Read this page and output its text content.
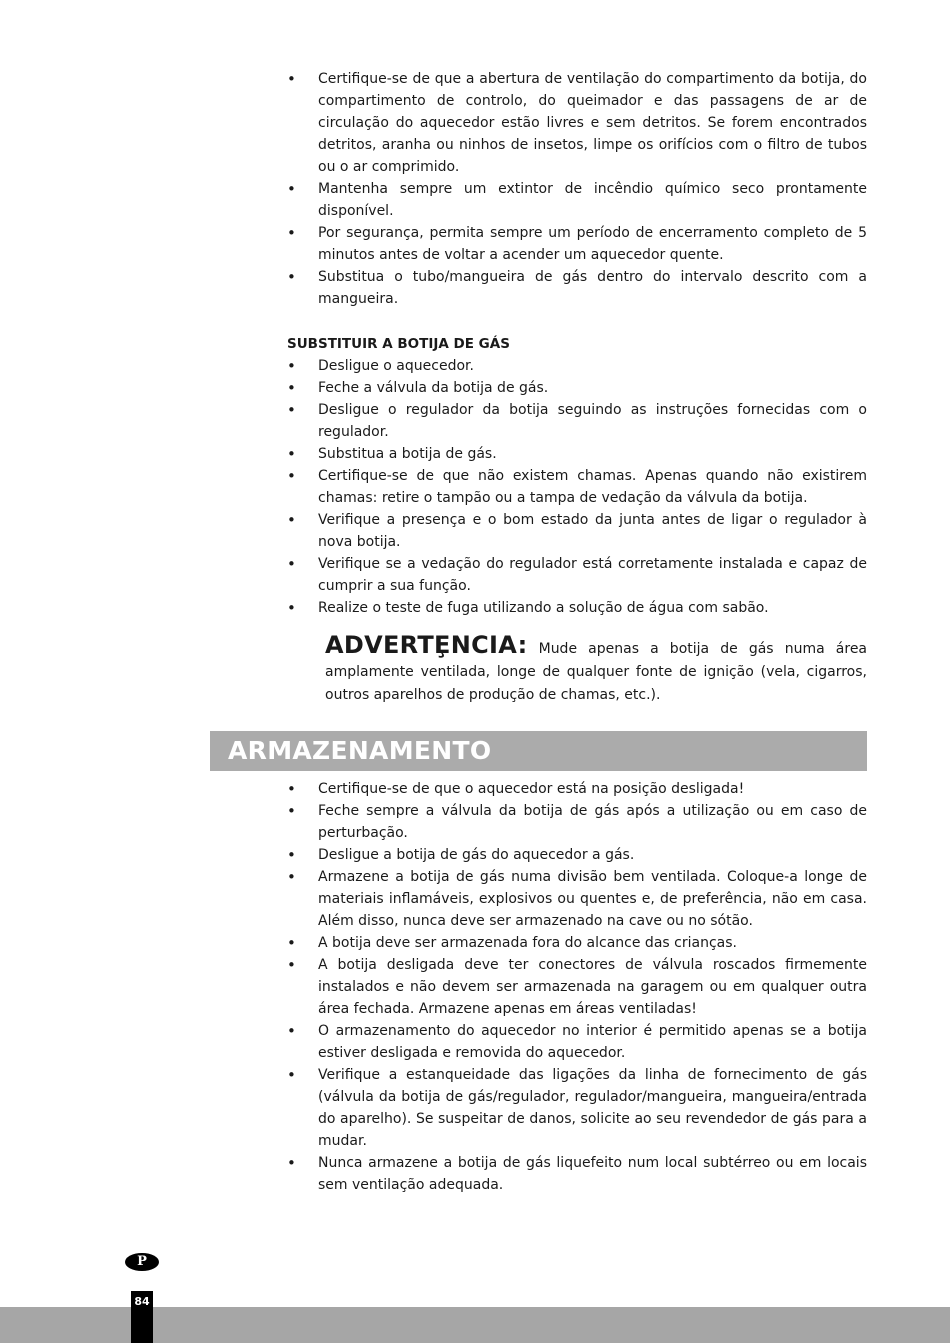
• Certifique-se de que a abertura de ventilação do compartimento da botija, do compartimento de controlo, do queimador e das passagens de ar de circulação do aquecedor estão livres e sem detritos. Se forem encontrados detritos, aranha ou ninhos de insetos, limpe os orifícios com o filtro de tubos ou o ar comprimido.
• Mantenha sempre um extintor de incêndio químico seco prontamente disponível.
• Por segurança, permita sempre um período de encerramento completo de 5 minutos antes de voltar a acender um aquecedor quente.
• Substitua o tubo/mangueira de gás dentro do intervalo descrito com a mangueira.
SUBSTITUIR A BOTIJA DE GÁS
• Desligue o aquecedor.
• Feche a válvula da botija de gás.
• Desligue o regulador da botija seguindo as instruções fornecidas com o regulador.
• Substitua a botija de gás.
• Certifique-se de que não existem chamas. Apenas quando não existirem chamas: retire o tampão ou a tampa de vedação da válvula da botija.
• Verifique a presença e o bom estado da junta antes de ligar o regulador à nova botija.
• Verifique se a vedação do regulador está corretamente instalada e capaz de cumprir a sua função.
• Realize o teste de fuga utilizando a solução de água com sabão.
ADVERTȨNCIA: Mude apenas a botija de gás numa área amplamente ventilada, longe de qualquer fonte de ignição (vela, cigarros, outros aparelhos de produção de chamas, etc.).
ARMAZENAMENTO
• Certifique-se de que o aquecedor está na posição desligada!
• Feche sempre a válvula da botija de gás após a utilização ou em caso de perturbação.
• Desligue a botija de gás do aquecedor a gás.
• Armazene a botija de gás numa divisão bem ventilada. Coloque-a longe de materiais inflamáveis, explosivos ou quentes e, de preferência, não em casa. Além disso, nunca deve ser armazenado na cave ou no sótão.
• A botija deve ser armazenada fora do alcance das crianças.
• A botija desligada deve ter conectores de válvula roscados firmemente instalados e não devem ser armazenada na garagem ou em qualquer outra área fechada. Armazene apenas em áreas ventiladas!
• O armazenamento do aquecedor no interior é permitido apenas se a botija estiver desligada e removida do aquecedor.
• Verifique a estanqueidade das ligações da linha de fornecimento de gás (válvula da botija de gás/regulador, regulador/mangueira, mangueira/entrada do aparelho). Se suspeitar de danos, solicite ao seu revendedor de gás para a mudar.
• Nunca armazene a botija de gás liquefeito num local subtérreo ou em locais sem ventilação adequada.
P
84
